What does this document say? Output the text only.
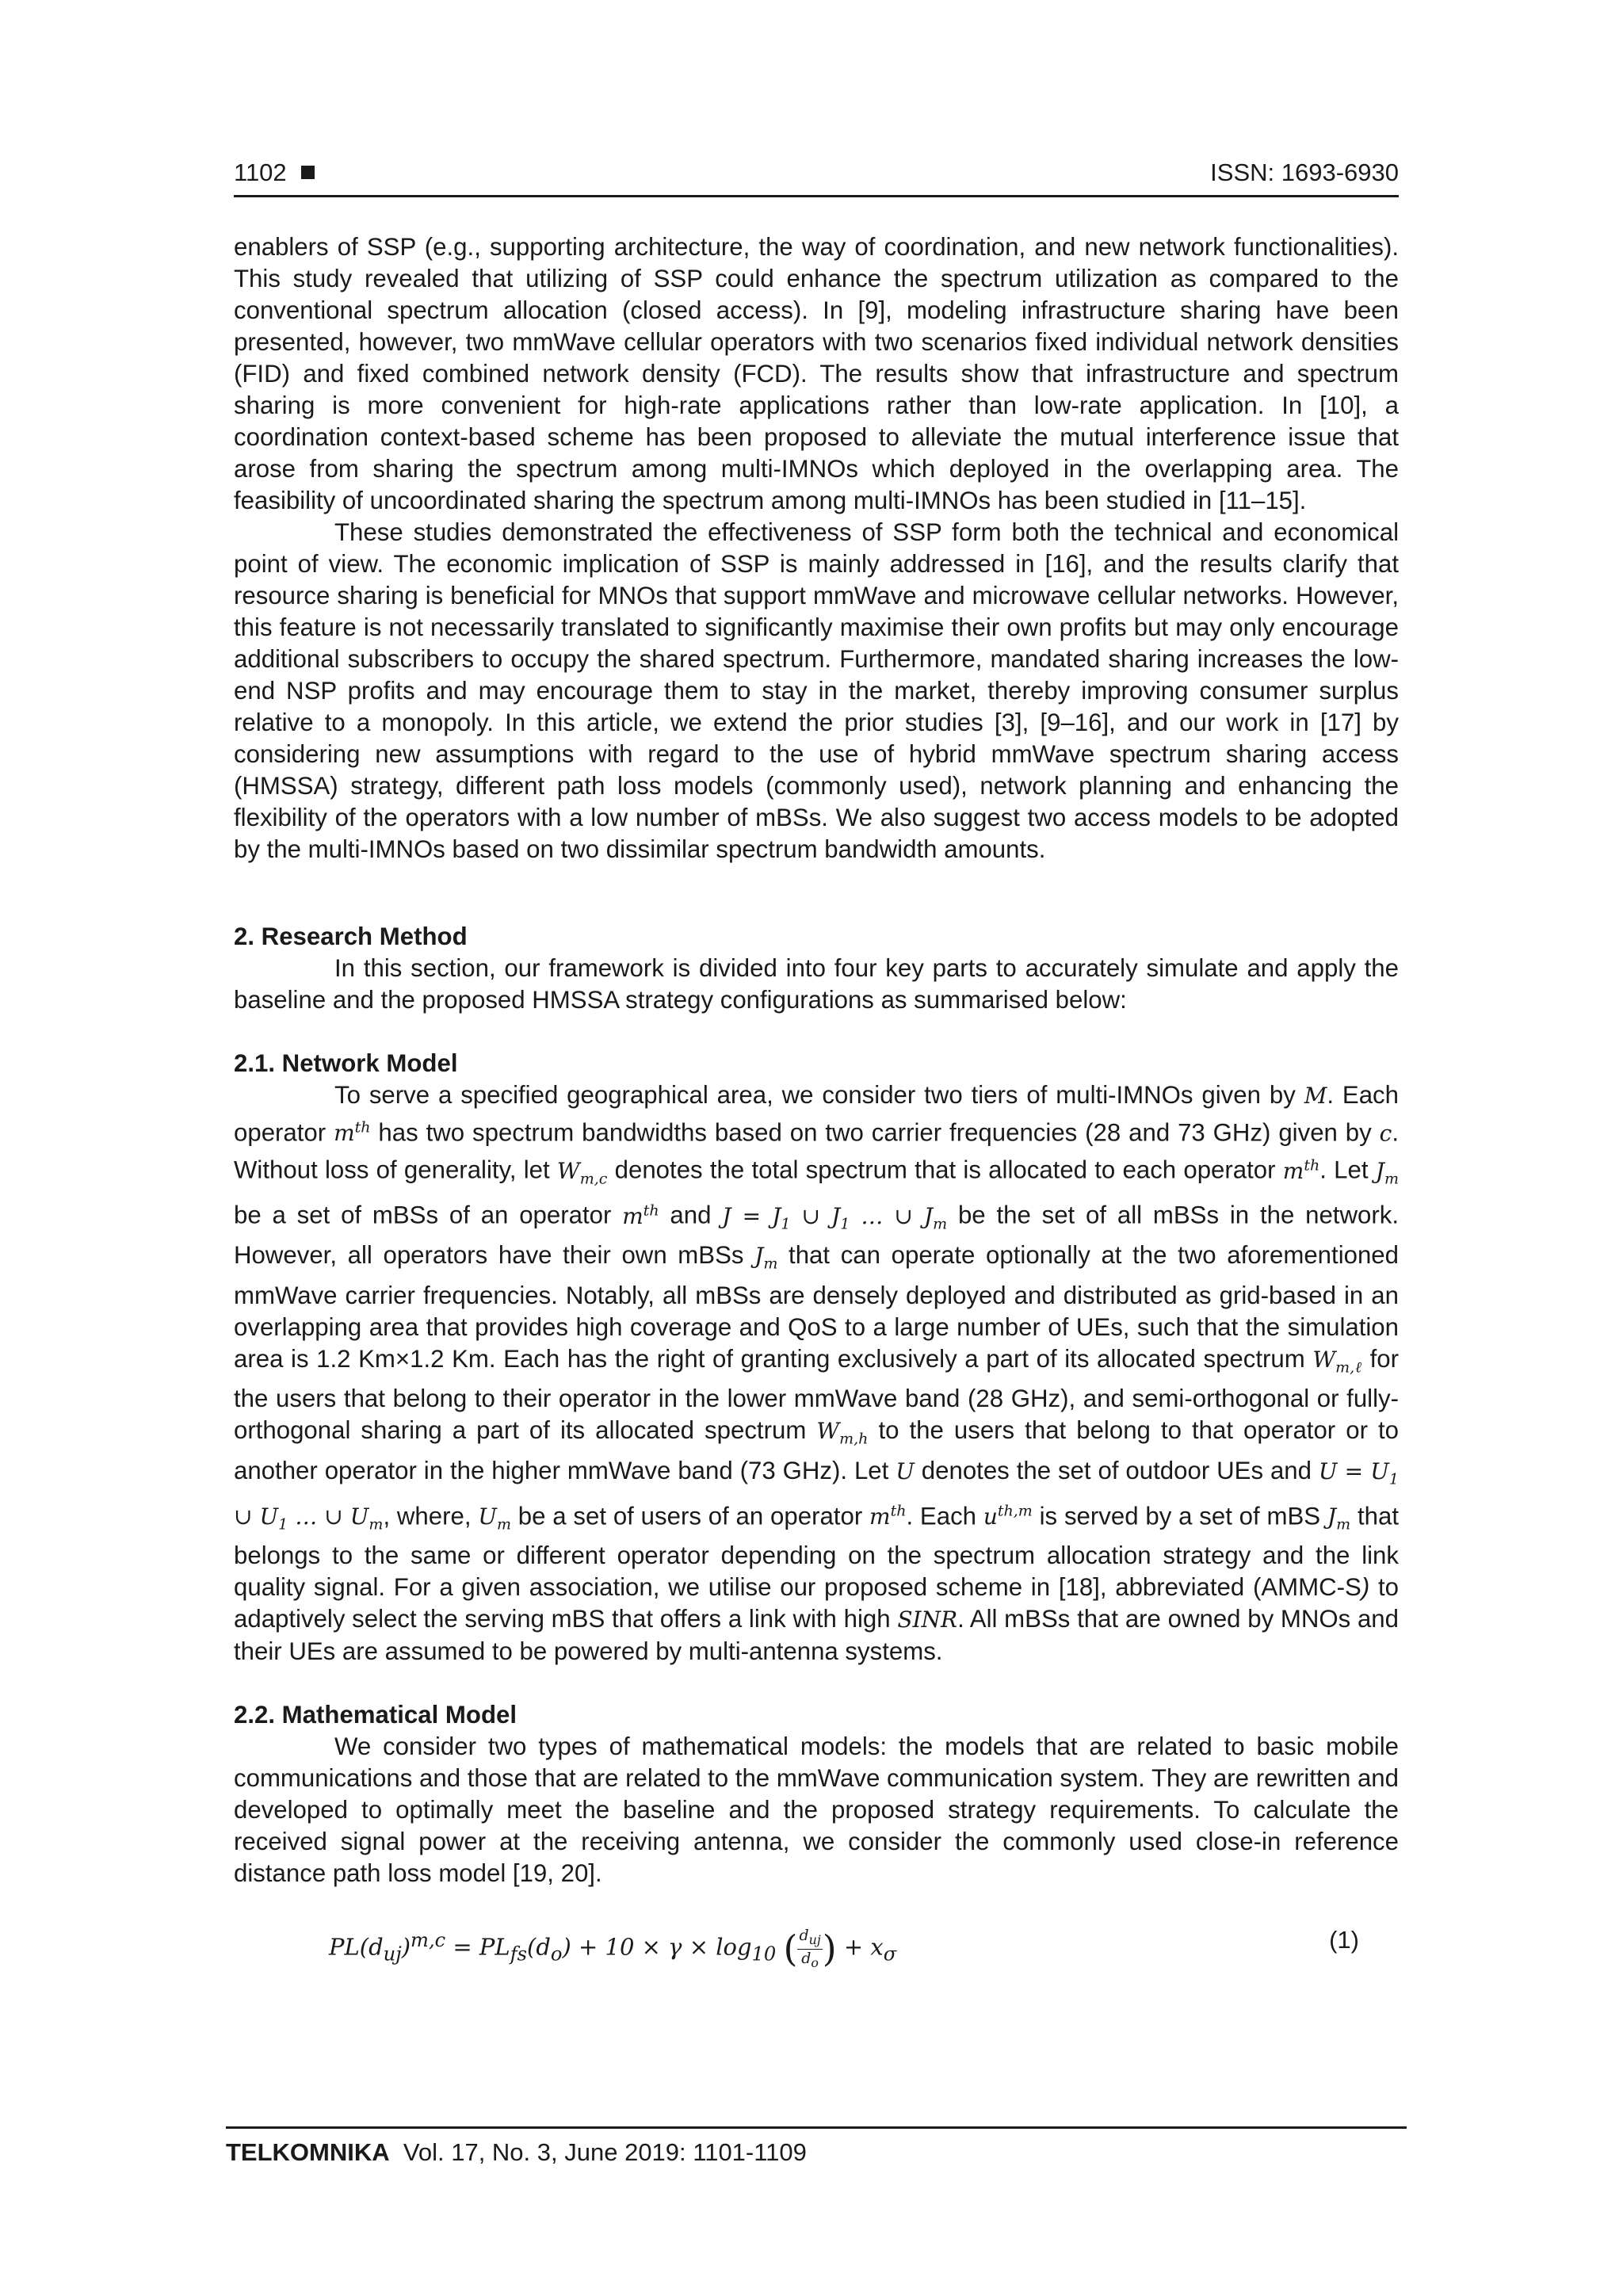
1102	ISSN: 1693-6930

enablers of SSP (e.g., supporting architecture, the way of coordination, and new network functionalities). This study revealed that utilizing of SSP could enhance the spectrum utilization as compared to the conventional spectrum allocation (closed access). In [9], modeling infrastructure sharing have been presented, however, two mmWave cellular operators with two scenarios fixed individual network densities (FID) and fixed combined network density (FCD). The results show that infrastructure and spectrum sharing is more convenient for high-rate applications rather than low-rate application. In [10], a coordination context-based scheme has been proposed to alleviate the mutual interference issue that arose from sharing the spectrum among multi-IMNOs which deployed in the overlapping area. The feasibility of uncoordinated sharing the spectrum among multi-IMNOs has been studied in [11–15].

These studies demonstrated the effectiveness of SSP form both the technical and economical point of view. The economic implication of SSP is mainly addressed in [16], and the results clarify that resource sharing is beneficial for MNOs that support mmWave and microwave cellular networks. However, this feature is not necessarily translated to significantly maximise their own profits but may only encourage additional subscribers to occupy the shared spectrum. Furthermore, mandated sharing increases the low-end NSP profits and may encourage them to stay in the market, thereby improving consumer surplus relative to a monopoly. In this article, we extend the prior studies [3], [9–16], and our work in [17] by considering new assumptions with regard to the use of hybrid mmWave spectrum sharing access (HMSSA) strategy, different path loss models (commonly used), network planning and enhancing the flexibility of the operators with a low number of mBSs. We also suggest two access models to be adopted by the multi-IMNOs based on two dissimilar spectrum bandwidth amounts.

2. Research Method

In this section, our framework is divided into four key parts to accurately simulate and apply the baseline and the proposed HMSSA strategy configurations as summarised below:

2.1. Network Model

To serve a specified geographical area, we consider two tiers of multi-IMNOs given by M. Each operator $m^{th}$ has two spectrum bandwidths based on two carrier frequencies (28 and 73 GHz) given by c. Without loss of generality, let $W_{m,c}$ denotes the total spectrum that is allocated to each operator $m^{th}$. Let $J_m$ be a set of mBSs of an operator $m^{th}$ and $J = J_1$ ∪ $J_1$ … ∪ $J_m$ be the set of all mBSs in the network. However, all operators have their own mBSs $J_m$ that can operate optionally at the two aforementioned mmWave carrier frequencies. Notably, all mBSs are densely deployed and distributed as grid-based in an overlapping area that provides high coverage and QoS to a large number of UEs, such that the simulation area is 1.2 Km×1.2 Km. Each has the right of granting exclusively a part of its allocated spectrum $W_{m,\ell}$ for the users that belong to their operator in the lower mmWave band (28 GHz), and semi-orthogonal or fully-orthogonal sharing a part of its allocated spectrum $W_{m,h}$ to the users that belong to that operator or to another operator in the higher mmWave band (73 GHz). Let U denotes the set of outdoor UEs and $U = U_1$ ∪ $U_1$ … ∪ $U_m$, where, $U_m$ be a set of users of an operator $m^{th}$. Each $u^{th,m}$ is served by a set of mBS $J_m$ that belongs to the same or different operator depending on the spectrum allocation strategy and the link quality signal. For a given association, we utilise our proposed scheme in [18], abbreviated (AMMC-S) to adaptively select the serving mBS that offers a link with high SINR. All mBSs that are owned by MNOs and their UEs are assumed to be powered by multi-antenna systems.

2.2. Mathematical Model

We consider two types of mathematical models: the models that are related to basic mobile communications and those that are related to the mmWave communication system. They are rewritten and developed to optimally meet the baseline and the proposed strategy requirements. To calculate the received signal power at the receiving antenna, we consider the commonly used close-in reference distance path loss model [19, 20].

$PL(d_{uj})^{m,c} = PL_{fs}(d_o) + 10 \times \gamma \times \log_{10}$ ( $\frac{d_{uj}}{d_o}$ ) + $x_\sigma$
(1)
TELKOMNIKA Vol. 17, No. 3, June 2019: 1101-1109
